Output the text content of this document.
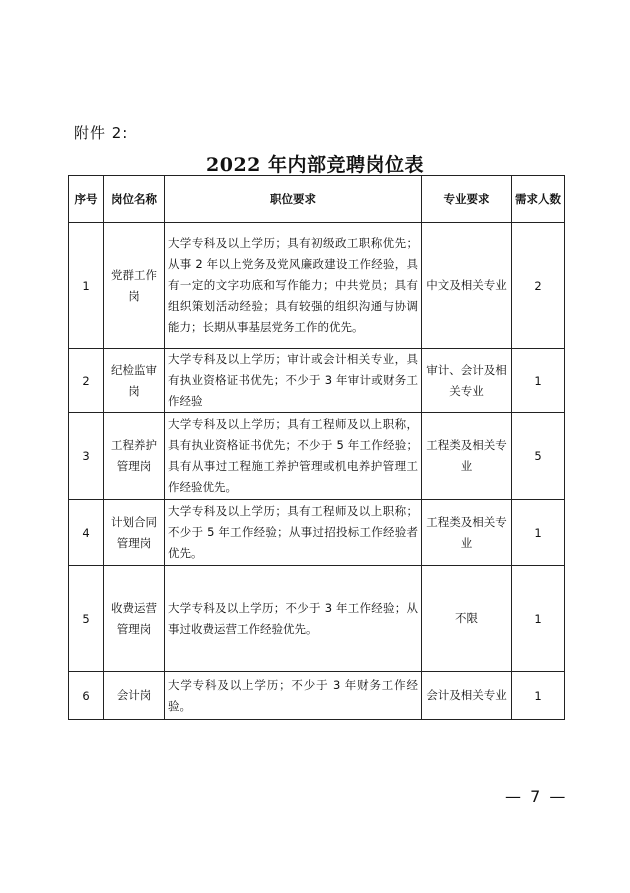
附件 2:
2022 年内部竞聘岗位表
序号	岗位名称	职位要求	专业要求	需求人数
1	党群工作岗	大学专科及以上学历；具有初级政工职称优先；从事 2 年以上党务及党风廉政建设工作经验，具有一定的文字功底和写作能力；中共党员；具有组织策划活动经验；具有较强的组织沟通与协调能力；长期从事基层党务工作的优先。	中文及相关专业	2
2	纪检监审岗	大学专科及以上学历；审计或会计相关专业，具有执业资格证书优先；不少于 3 年审计或财务工作经验	审计、会计及相关专业	1
3	工程养护管理岗	大学专科及以上学历；具有工程师及以上职称，具有执业资格证书优先；不少于 5 年工作经验；具有从事过工程施工养护管理或机电养护管理工作经验优先。	工程类及相关专业	5
4	计划合同管理岗	大学专科及以上学历；具有工程师及以上职称；不少于 5 年工作经验；从事过招投标工作经验者优先。	工程类及相关专业	1
5	收费运营管理岗	大学专科及以上学历；不少于 3 年工作经验；从事过收费运营工作经验优先。	不限	1
6	会计岗	大学专科及以上学历；不少于 3 年财务工作经验。	会计及相关专业	1
— 7 —
